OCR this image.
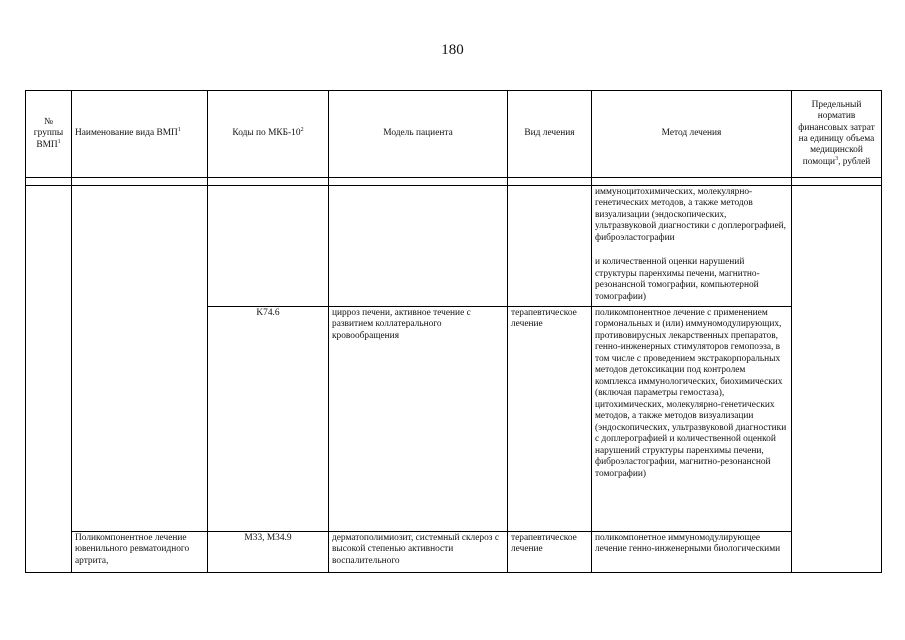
180
№ группы ВМП$^1$	Наименование вида ВМП$^1$	Коды по МКБ-$10^2$	Модель пациента	Вид лечения	Метод лечения	Предельный норматив финансовых затрат на единицу объема медицинской помощи$^3$, рублей

					иммуноцитохимических, молекулярно-генетических методов, а также методов визуализации (эндоскопических, ультразвуковой диагностики с доплерографией, фиброэластографии
и количественной оценки нарушений структуры паренхимы печени, магнитно-резонансной томографии, компьютерной томографии)	

		K74.6	цирроз печени, активное течение с развитием коллатерального кровообращения	терапевтическое лечение	поликомпонентное лечение с применением гормональных и (или) иммуномодулирующих, противовирусных лекарственных препаратов, генно-инженерных стимуляторов гемопоэза, в том числе с проведением экстракорпоральных методов детоксикации под контролем комплекса иммунологических, биохимических (включая параметры гемостаза), цитохимических, молекулярно-генетических методов, а также методов визуализации (эндоскопических, ультразвуковой диагностики с доплерографией и количественной оценкой нарушений структуры паренхимы печени, фиброэластографии, магнитно-резонансной томографии)	
	Поликомпонентное лечение ювенильного ревматоидного артрита,	M33, M34.9	дерматополимиозит, системный склероз с высокой степенью активности воспалительного	терапевтическое лечение	поликомпонетное иммуномодулирующее лечение генно-инженерными биологическими	
